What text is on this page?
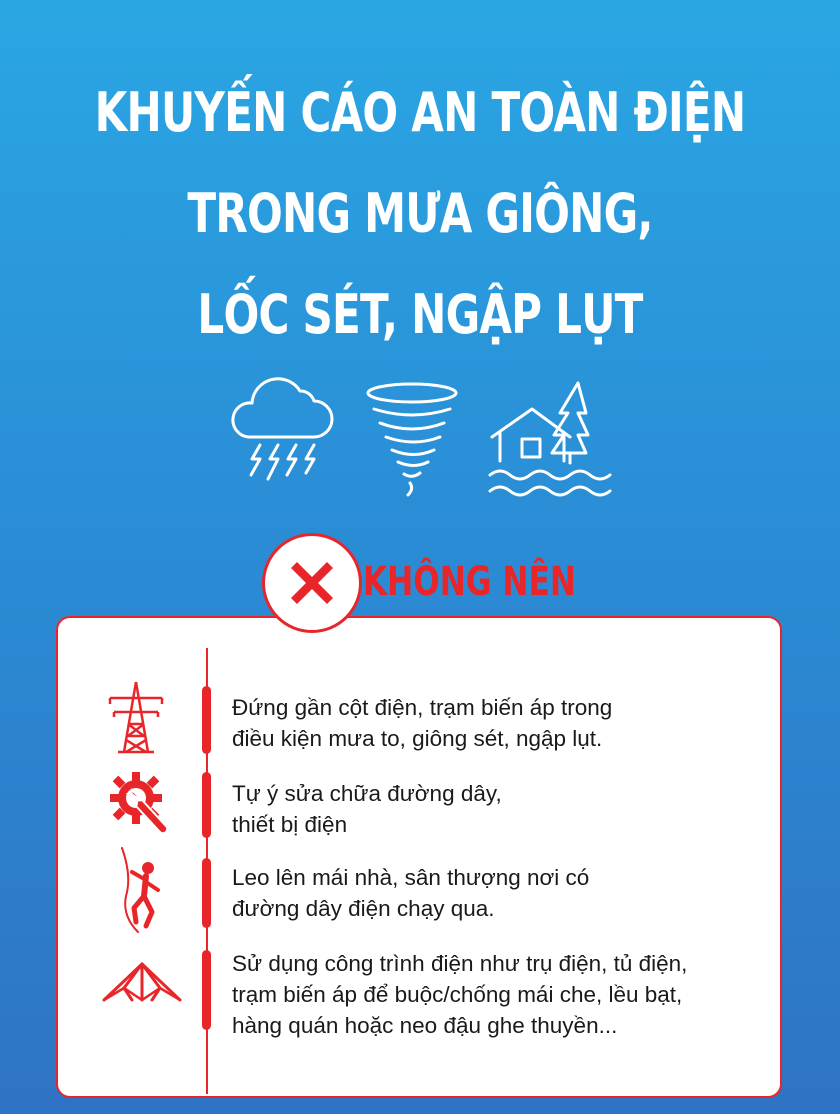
KHUYẾN CÁO AN TOÀN ĐIỆN
TRONG MƯA GIÔNG,
LỐC SÉT, NGẬP LỤT
KHÔNG NÊN
Đứng gần cột điện, trạm biến áp trong
điều kiện mưa to, giông sét, ngập lụt.
Tự ý sửa chữa đường dây,
thiết bị điện
Leo lên mái nhà, sân thượng nơi có
đường dây điện chạy qua.
Sử dụng công trình điện như trụ điện, tủ điện,
trạm biến áp để buộc/chống mái che, lều bạt,
hàng quán hoặc neo đậu ghe thuyền...
